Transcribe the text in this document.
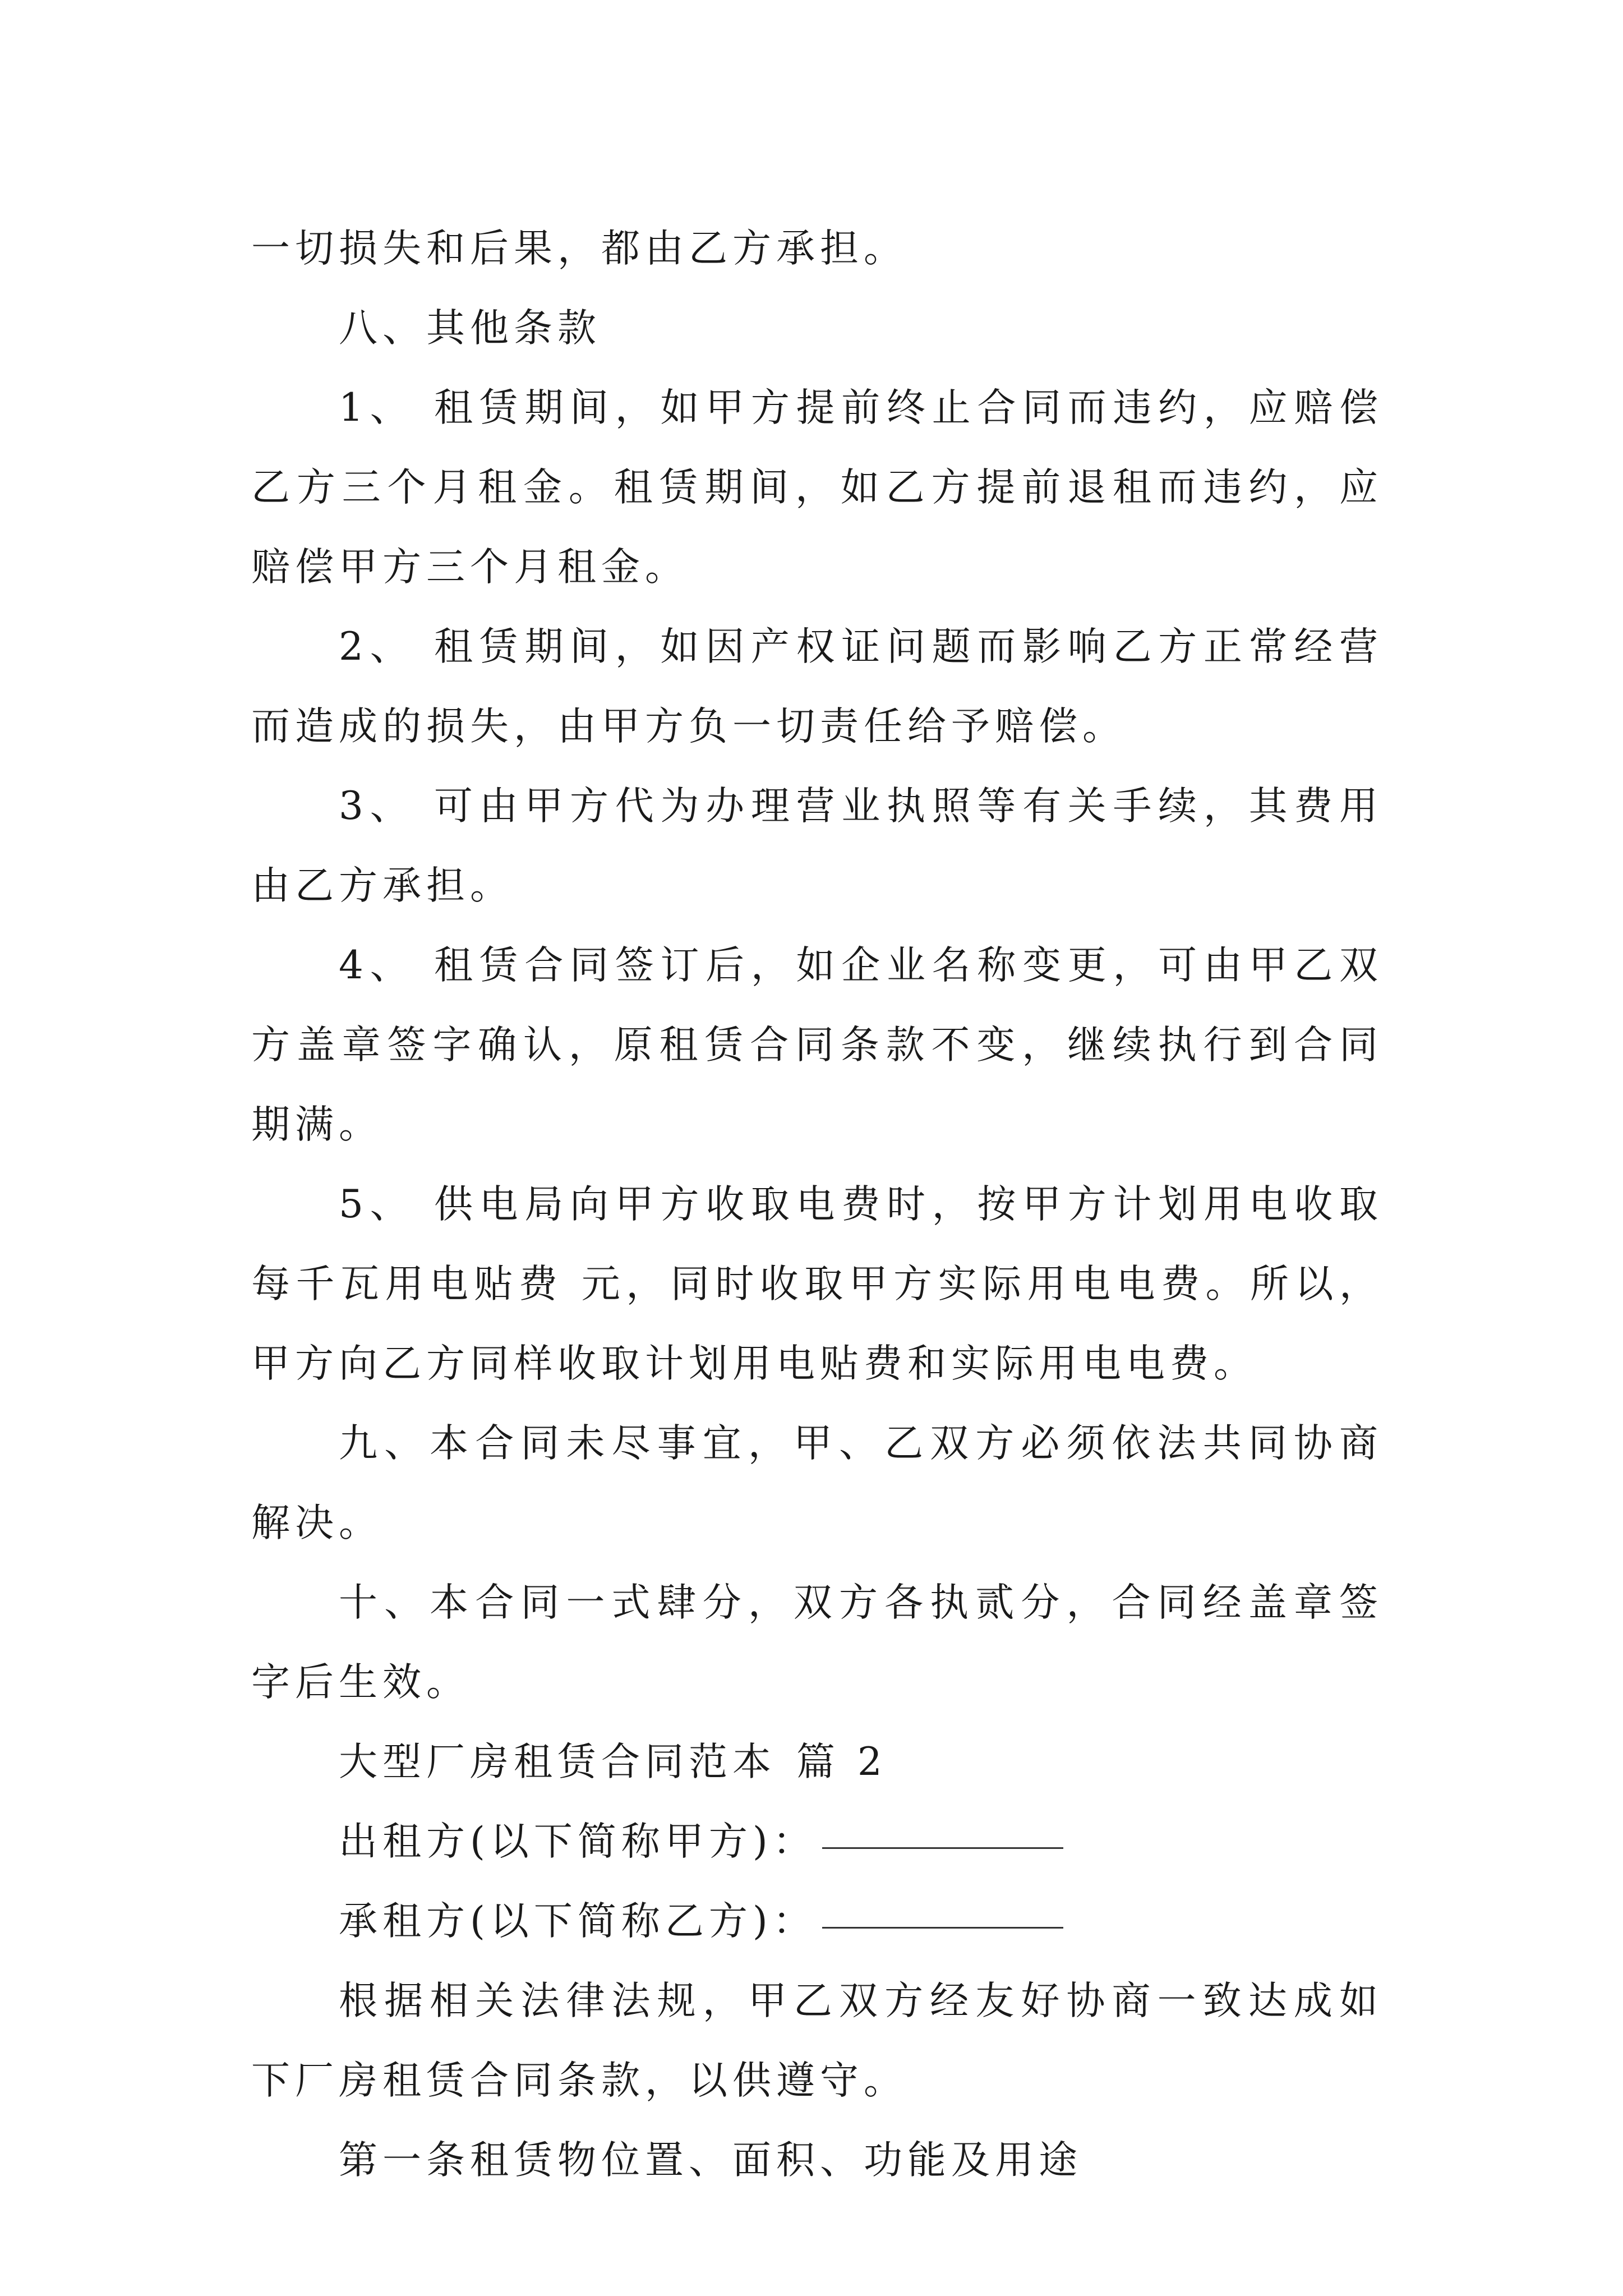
一切损失和后果，都由乙方承担。

八、其他条款

1、 租赁期间，如甲方提前终止合同而违约，应赔偿乙方三个月租金。租赁期间，如乙方提前退租而违约，应赔偿甲方三个月租金。

2、 租赁期间，如因产权证问题而影响乙方正常经营而造成的损失，由甲方负一切责任给予赔偿。

3、 可由甲方代为办理营业执照等有关手续，其费用由乙方承担。

4、 租赁合同签订后，如企业名称变更，可由甲乙双方盖章签字确认，原租赁合同条款不变，继续执行到合同期满。

5、 供电局向甲方收取电费时，按甲方计划用电收取每千瓦用电贴费 元，同时收取甲方实际用电电费。所以，甲方向乙方同样收取计划用电贴费和实际用电电费。

九、本合同未尽事宜，甲、乙双方必须依法共同协商解决。

十、本合同一式肆分，双方各执贰分，合同经盖章签字后生效。

大型厂房租赁合同范本 篇 2

出租方(以下简称甲方)：

承租方(以下简称乙方)：

根据相关法律法规，甲乙双方经友好协商一致达成如下厂房租赁合同条款，以供遵守。

第一条租赁物位置、面积、功能及用途
